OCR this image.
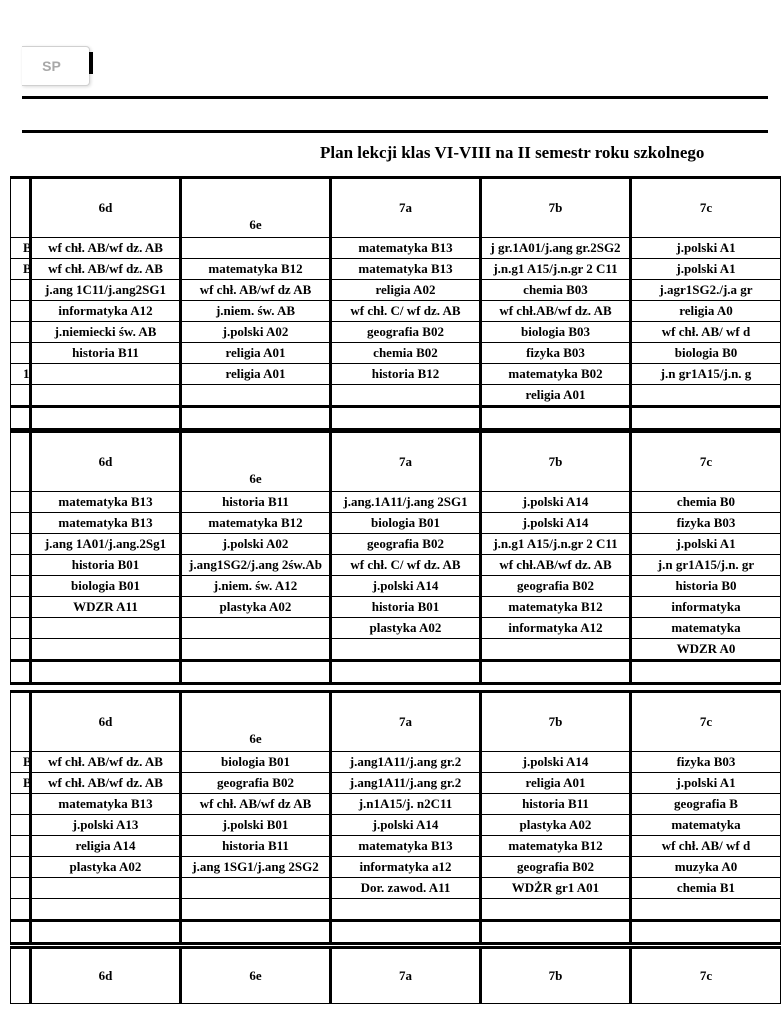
SP
Plan lekcji klas VI-VIII na II semestr roku szkolnego
	6d	6e	7a	7b	7c
B	wf chł. AB/wf dz. AB		matematyka B13	j gr.1A01/j.ang gr.2SG2	j.polski A1
B	wf chł. AB/wf dz. AB	matematyka B12	matematyka B13	j.n.g1 A15/j.n.gr 2 C11	j.polski A1
	j.ang 1C11/j.ang2SG1	wf chł. AB/wf dz AB	religia A02	chemia B03	j.agr1SG2./j.a gr
	informatyka A12	j.niem. św. AB	wf chł. C/ wf dz. AB	wf chł.AB/wf dz. AB	religia A0
	j.niemiecki św. AB	j.polski A02	geografia B02	biologia B03	wf chł. AB/ wf d
	historia B11	religia A01	chemia B02	fizyka B03	biologia B0
1		religia A01	historia B12	matematyka B02	j.n gr1A15/j.n. g
				religia A01	

	6d	6e	7a	7b	7c
	matematyka B13	historia B11	j.ang.1A11/j.ang 2SG1	j.polski A14	chemia B0
	matematyka B13	matematyka B12	biologia B01	j.polski A14	fizyka B03
	j.ang 1A01/j.ang.2Sg1	j.polski A02	geografia B02	j.n.g1 A15/j.n.gr 2 C11	j.polski A1
	historia B01	j.ang1SG2/j.ang 2św.Ab	wf chł. C/ wf dz. AB	wf chł.AB/wf dz. AB	j.n gr1A15/j.n. gr
	biologia B01	j.niem. św. A12	j.polski A14	geografia B02	historia B0
	WDZR A11	plastyka A02	historia B01	matematyka B12	informatyka
			plastyka A02	informatyka A12	matematyka
					WDZR A0

	6d	6e	7a	7b	7c
B	wf chł. AB/wf dz. AB	biologia B01	j.ang1A11/j.ang gr.2	j.polski A14	fizyka B03
B	wf chł. AB/wf dz. AB	geografia B02	j.ang1A11/j.ang gr.2	religia A01	j.polski A1
	matematyka B13	wf chł. AB/wf dz AB	j.n1A15/j. n2C11	historia B11	geografia B
	j.polski A13	j.polski B01	j.polski A14	plastyka A02	matematyka
	religia A14	historia B11	matematyka B13	matematyka B12	wf chł. AB/ wf d
	plastyka A02	j.ang 1SG1/j.ang 2SG2	informatyka a12	geografia B02	muzyka A0
			Dor. zawod. A11	WDŻR gr1 A01	chemia B1

	6d	6e	7a	7b	7c
